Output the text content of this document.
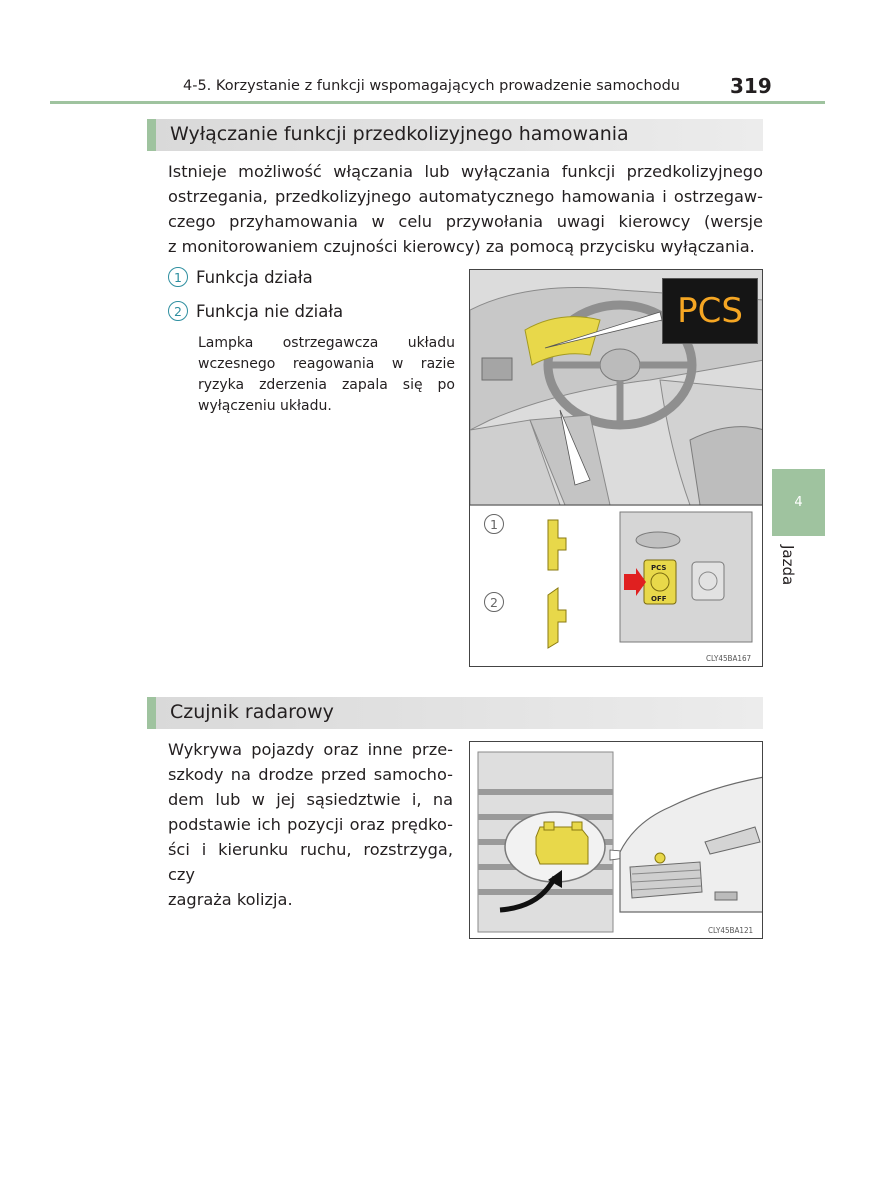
4-5. Korzystanie z funkcji wspomagających prowadzenie samochodu	319
Wyłączanie funkcji przedkolizyjnego hamowania
Istnieje możliwość włączania lub wyłączania funkcji przedkolizyjnego
ostrzegania, przedkolizyjnego automatycznego hamowania i ostrzegaw-
czego przyhamowania w celu przywołania uwagi kierowcy (wersje
z monitorowaniem czujności kierowcy) za pomocą przycisku wyłączania.
1 Funkcja działa
2 Funkcja nie działa
Lampka ostrzegawcza układu
wczesnego reagowania w razie
ryzyka zderzenia zapala się po
wyłączeniu układu.
PCS
PCS
OFF
1
2
CLY45BA167
Czujnik radarowy
Wykrywa pojazdy oraz inne prze-
szkody na drodze przed samocho-
dem lub w jej sąsiedztwie i, na
podstawie ich pozycji oraz prędko-
ści i kierunku ruchu, rozstrzyga, czy
zagraża kolizja.
CLY45BA121
4
Jazda
